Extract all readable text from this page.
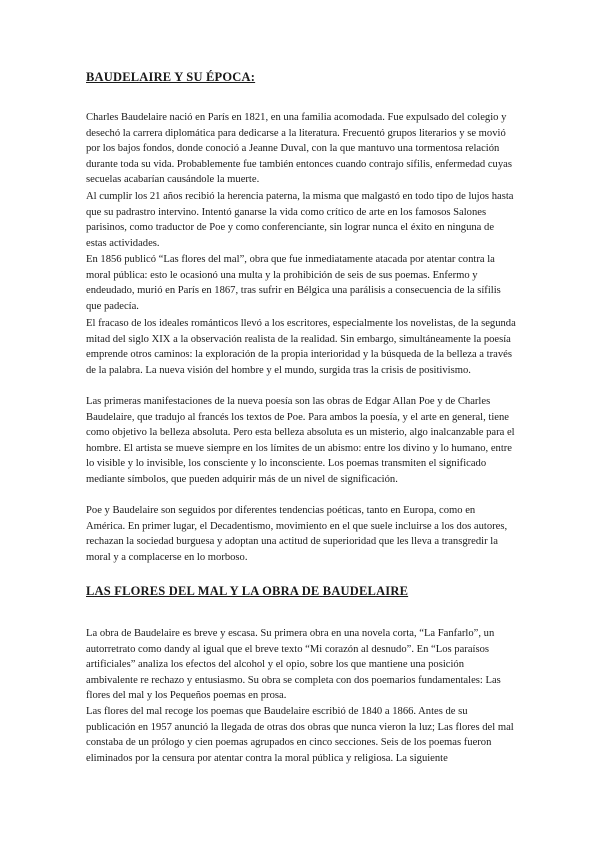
BAUDELAIRE Y SU ÉPOCA:

Charles Baudelaire nació en París en 1821, en una familia acomodada. Fue expulsado del colegio y desechó la carrera diplomática para dedicarse a la literatura. Frecuentó grupos literarios y se movió por los bajos fondos, donde conoció a Jeanne Duval, con la que mantuvo una tormentosa relación durante toda su vida. Probablemente fue también entonces cuando contrajo sífilis, enfermedad cuyas secuelas acabarían causándole la muerte.

Al cumplir los 21 años recibió la herencia paterna, la misma que malgastó en todo tipo de lujos hasta que su padrastro intervino. Intentó ganarse la vida como crítico de arte en los famosos Salones parisinos, como traductor de Poe y como conferenciante, sin lograr nunca el éxito en ninguna de estas actividades.

En 1856 publicó “Las flores del mal”, obra que fue inmediatamente atacada por atentar contra la moral pública: esto le ocasionó una multa y la prohibición de seis de sus poemas. Enfermo y endeudado, murió en París en 1867, tras sufrir en Bélgica una parálisis a consecuencia de la sífilis que padecía.

El fracaso de los ideales románticos llevó a los escritores, especialmente los novelistas, de la segunda mitad del siglo XIX a la observación realista de la realidad. Sin embargo, simultáneamente la poesía emprende otros caminos: la exploración de la propia interioridad y la búsqueda de la belleza a través de la palabra. La nueva visión del hombre y el mundo, surgida tras la crisis de positivismo.

Las primeras manifestaciones de la nueva poesía son las obras de Edgar Allan Poe y de Charles Baudelaire, que tradujo al francés los textos de Poe. Para ambos la poesía, y el arte en general, tiene como objetivo la belleza absoluta. Pero esta belleza absoluta es un misterio, algo inalcanzable para el hombre. El artista se mueve siempre en los límites de un abismo: entre los divino y lo humano, entre lo visible y lo invisible, los consciente y lo inconsciente. Los poemas transmiten el significado mediante símbolos, que pueden adquirir más de un nivel de significación.

Poe y Baudelaire son seguidos por diferentes tendencias poéticas, tanto en Europa, como en América. En primer lugar, el Decadentismo, movimiento en el que suele incluirse a los dos autores, rechazan la sociedad burguesa y adoptan una actitud de superioridad que les lleva a transgredir la moral y a complacerse en lo morboso.

LAS FLORES DEL MAL Y LA OBRA DE BAUDELAIRE

La obra de Baudelaire es breve y escasa. Su primera obra en una novela corta, “La Fanfarlo”, un autorretrato como dandy al igual que el breve texto “Mi corazón al desnudo”. En “Los paraísos artificiales” analiza los efectos del alcohol y el opio, sobre los que mantiene una posición ambivalente re rechazo y entusiasmo. Su obra se completa con dos poemarios fundamentales: Las flores del mal y los Pequeños poemas en prosa.

Las flores del mal recoge los poemas que Baudelaire escribió de 1840 a 1866. Antes de su publicación en 1957 anunció la llegada de otras dos obras que nunca vieron la luz; Las flores del mal constaba de un prólogo y cien poemas agrupados en cinco secciones. Seis de los poemas fueron eliminados por la censura por atentar contra la moral pública y religiosa. La siguiente
